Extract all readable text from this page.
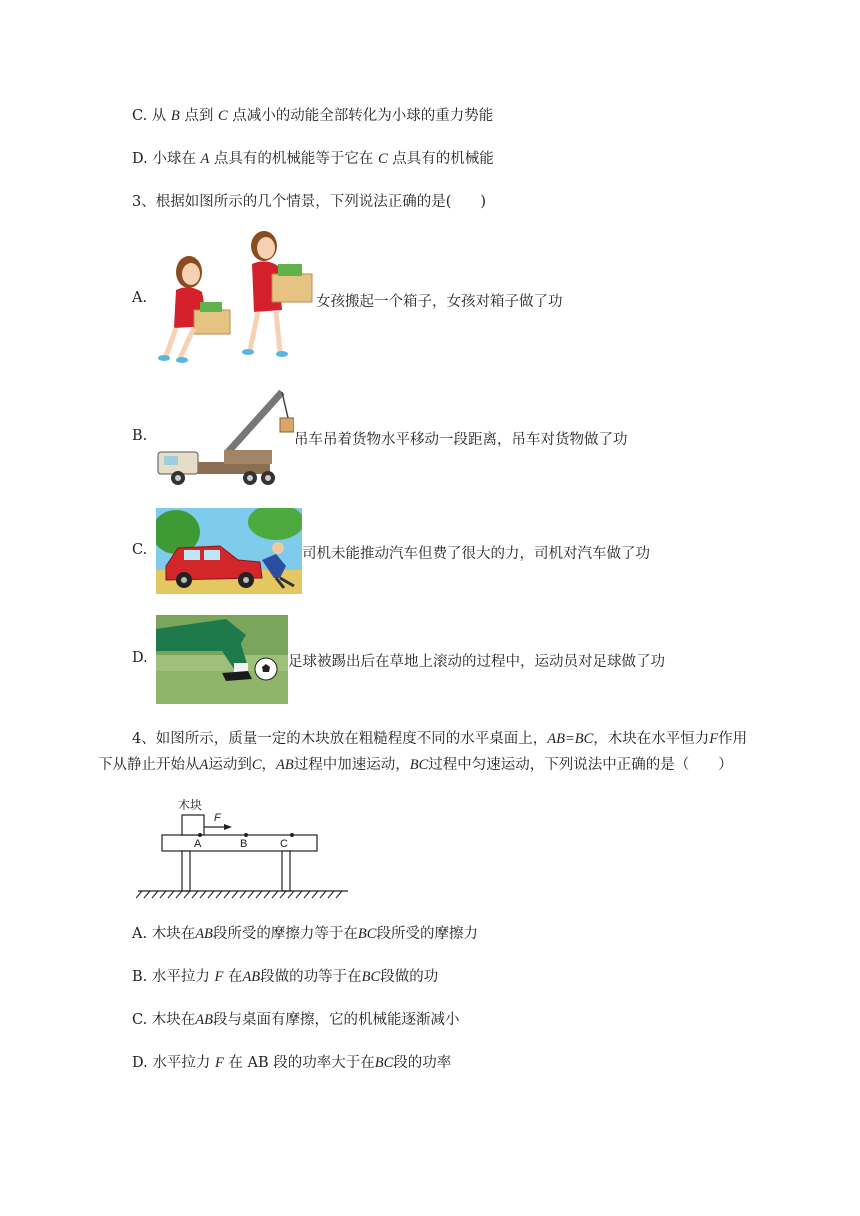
C. 从 B 点到 C 点减小的动能全部转化为小球的重力势能
D. 小球在 A 点具有的机械能等于它在 C 点具有的机械能
3、根据如图所示的几个情景，下列说法正确的是(　　)
A.	女孩搬起一个箱子，女孩对箱子做了功
B.	吊车吊着货物水平移动一段距离，吊车对货物做了功
C.	司机未能推动汽车但费了很大的力，司机对汽车做了功
D.	足球被踢出后在草地上滚动的过程中，运动员对足球做了功
4、如图所示，质量一定的木块放在粗糙程度不同的水平桌面上，AB=BC，木块在水平恒力F作用
下从静止开始从A运动到C，AB过程中加速运动，BC过程中匀速运动，下列说法中正确的是（　　）
木块
F
A	B	C
A. 木块在AB段所受的摩擦力等于在BC段所受的摩擦力
B. 水平拉力 F 在AB段做的功等于在BC段做的功
C. 木块在AB段与桌面有摩擦，它的机械能逐渐减小
D. 水平拉力 F 在 AB 段的功率大于在BC段的功率
